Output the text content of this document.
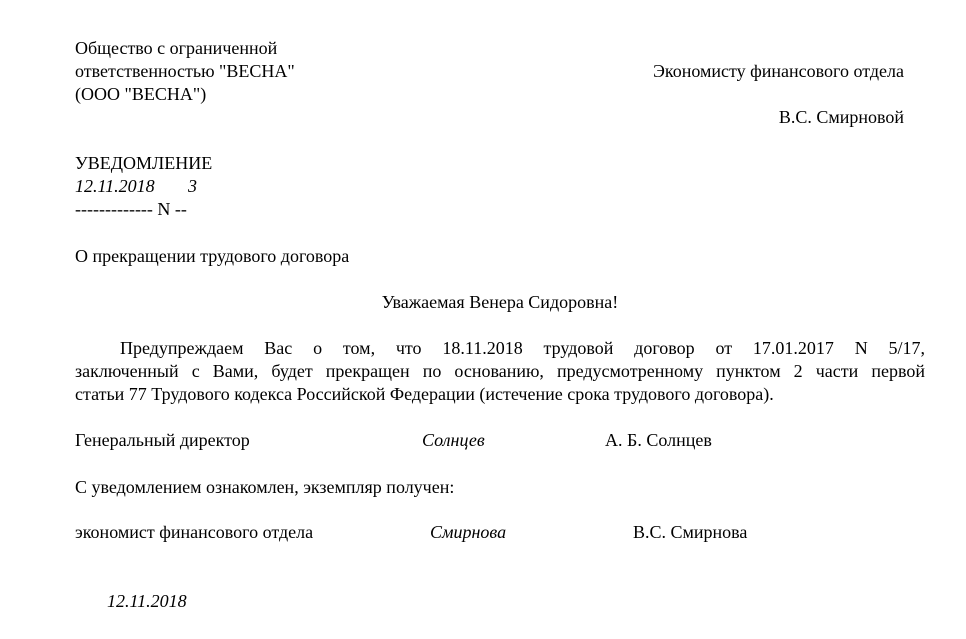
Общество с ограниченной
ответственностью "ВЕСНА"
(ООО "ВЕСНА")
Экономисту финансового отдела
В.С. Смирновой
УВЕДОМЛЕНИЕ
12.11.2018 3
------------- N --
О прекращении трудового договора
Уважаемая Венера Сидоровна!
Предупреждаем Вас о том, что 18.11.2018 трудовой договор от 17.01.2017 N 5/17,
заключенный с Вами, будет прекращен по основанию, предусмотренному пунктом 2 части первой
статьи 77 Трудового кодекса Российской Федерации (истечение срока трудового договора).
Генеральный директор	Солнцев	А. Б. Солнцев
С уведомлением ознакомлен, экземпляр получен:
экономист финансового отдела	Смирнова	В.С. Смирнова
12.11.2018
